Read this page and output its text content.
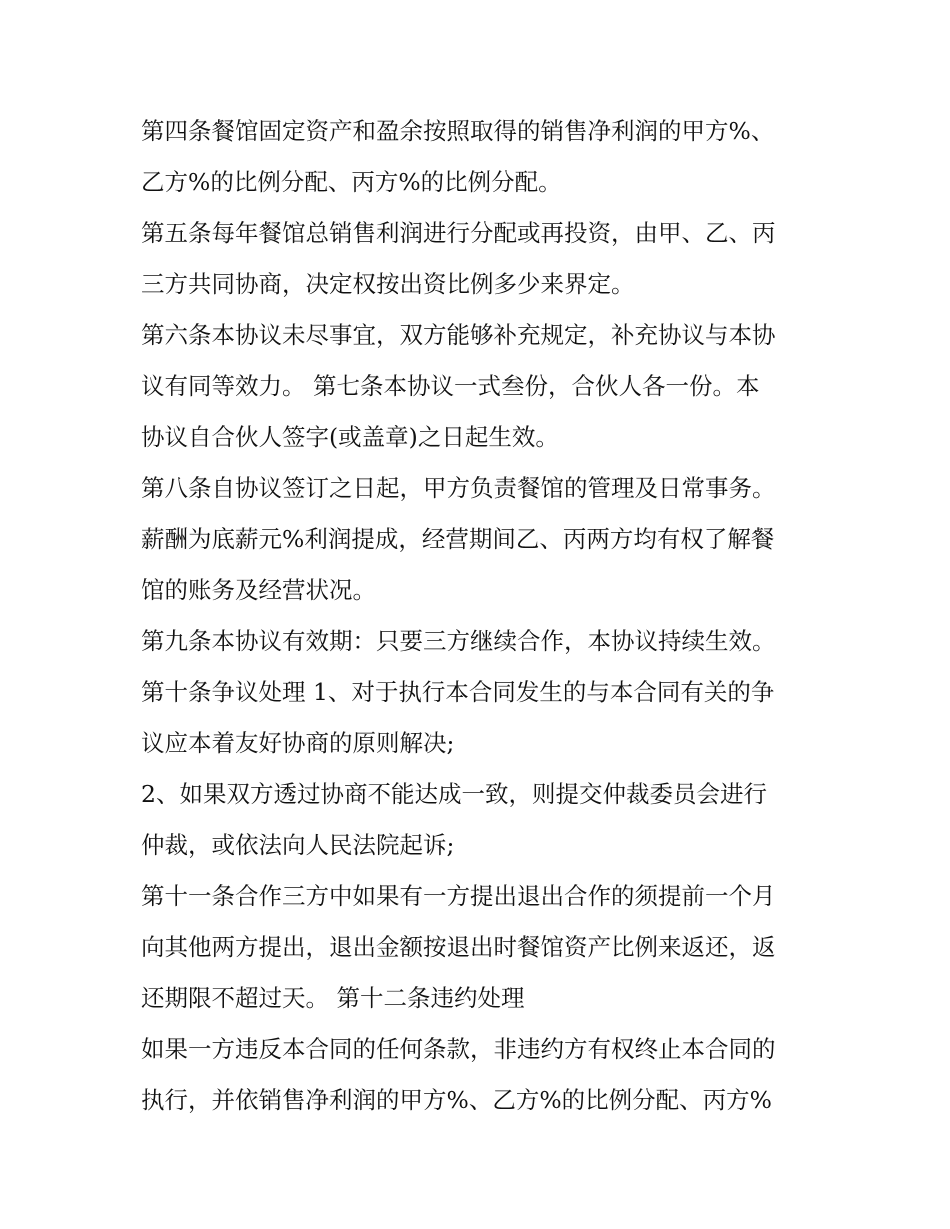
第四条餐馆固定资产和盈余按照取得的销售净利润的甲方%、
乙方%的比例分配、丙方%的比例分配。
第五条每年餐馆总销售利润进行分配或再投资，由甲、乙、丙
三方共同协商，决定权按出资比例多少来界定。
第六条本协议未尽事宜，双方能够补充规定，补充协议与本协
议有同等效力。 第七条本协议一式叁份，合伙人各一份。本
协议自合伙人签字(或盖章)之日起生效。
第八条自协议签订之日起，甲方负责餐馆的管理及日常事务。
薪酬为底薪元%利润提成，经营期间乙、丙两方均有权了解餐
馆的账务及经营状况。
第九条本协议有效期：只要三方继续合作，本协议持续生效。
第十条争议处理 1、对于执行本合同发生的与本合同有关的争
议应本着友好协商的原则解决;
2、如果双方透过协商不能达成一致，则提交仲裁委员会进行
仲裁，或依法向人民法院起诉;
第十一条合作三方中如果有一方提出退出合作的须提前一个月
向其他两方提出，退出金额按退出时餐馆资产比例来返还，返
还期限不超过天。 第十二条违约处理
如果一方违反本合同的任何条款，非违约方有权终止本合同的
执行，并依销售净利润的甲方%、乙方%的比例分配、丙方%
